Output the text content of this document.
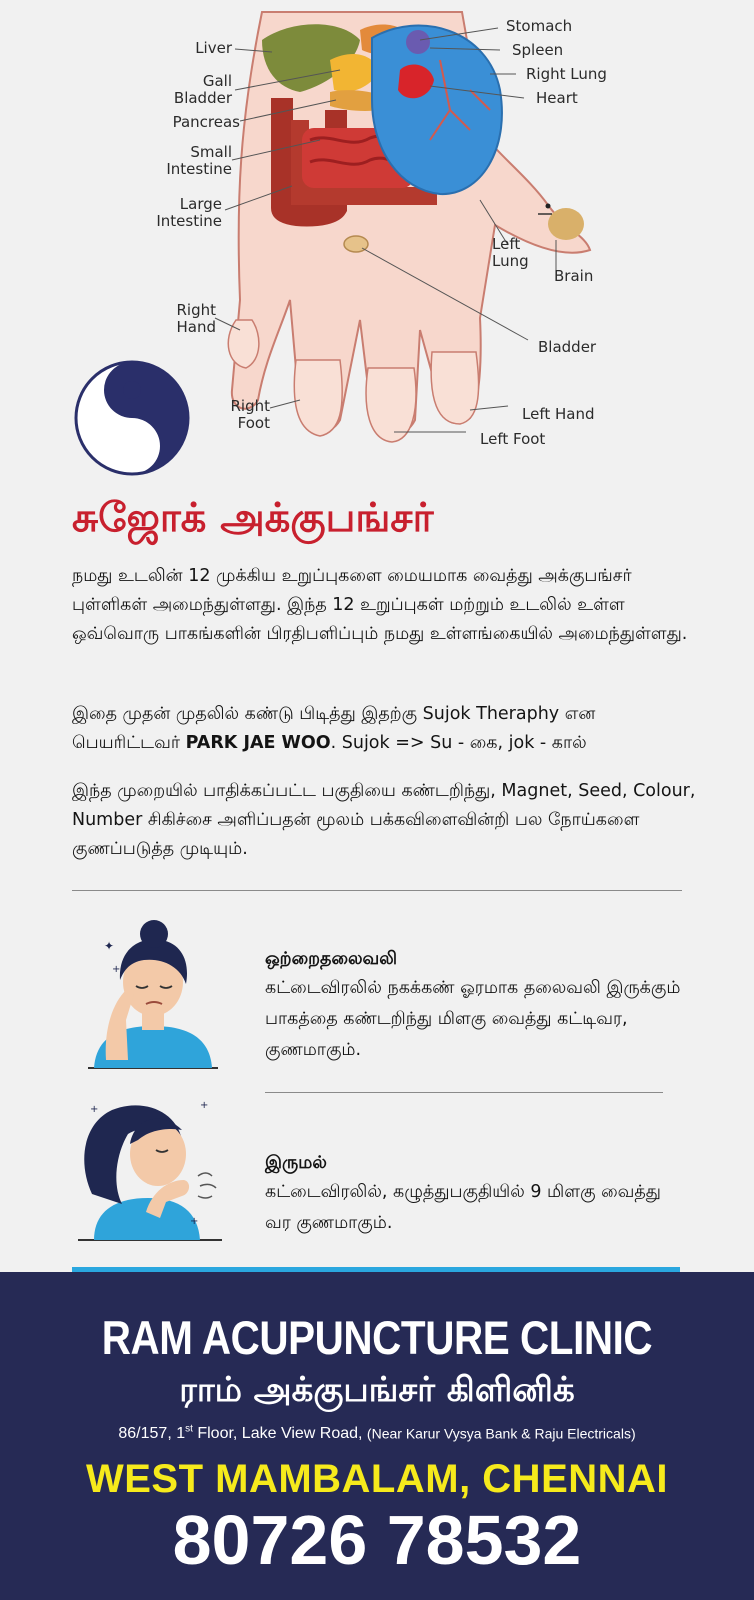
Liver
Gall
Bladder
Pancreas
Small
Intestine
Large
Intestine
Right
Hand
Right
Foot
Stomach
Spleen
Right Lung
Heart
Left
Lung
Brain
Bladder
Left Hand
Left Foot
சுஜோக் அக்குபங்சர்
நமது உடலின் 12 முக்கிய உறுப்புகளை மையமாக வைத்து அக்குபங்சர் புள்ளிகள் அமைந்துள்ளது. இந்த 12 உறுப்புகள் மற்றும் உடலில் உள்ள ஒவ்வொரு பாகங்களின் பிரதிபளிப்பும் நமது உள்ளங்கையில் அமைந்துள்ளது.
இதை முதன் முதலில் கண்டு பிடித்து இதற்கு Sujok Theraphy என பெயரிட்டவர் PARK JAE WOO. Sujok => Su - கை, jok - கால்
இந்த முறையில் பாதிக்கப்பட்ட பகுதியை கண்டறிந்து, Magnet, Seed, Colour, Number சிகிச்சை அளிப்பதன் மூலம் பக்கவிளைவின்றி பல நோய்களை குணப்படுத்த முடியும்.
✦
+
ஒற்றைதலைவலி
கட்டைவிரலில் நகக்கண் ஓரமாக தலைவலி இருக்கும் பாகத்தை கண்டறிந்து மிளகு வைத்து கட்டிவர, குணமாகும்.
+	+
+
இருமல்
கட்டைவிரலில், கழுத்துபகுதியில் 9 மிளகு வைத்து வர குணமாகும்.
RAM ACUPUNCTURE CLINIC
ராம் அக்குபங்சர் கிளினிக்
86/157, 1st Floor, Lake View Road, (Near Karur Vysya Bank & Raju Electricals)
WEST MAMBALAM, CHENNAI
80726 78532
